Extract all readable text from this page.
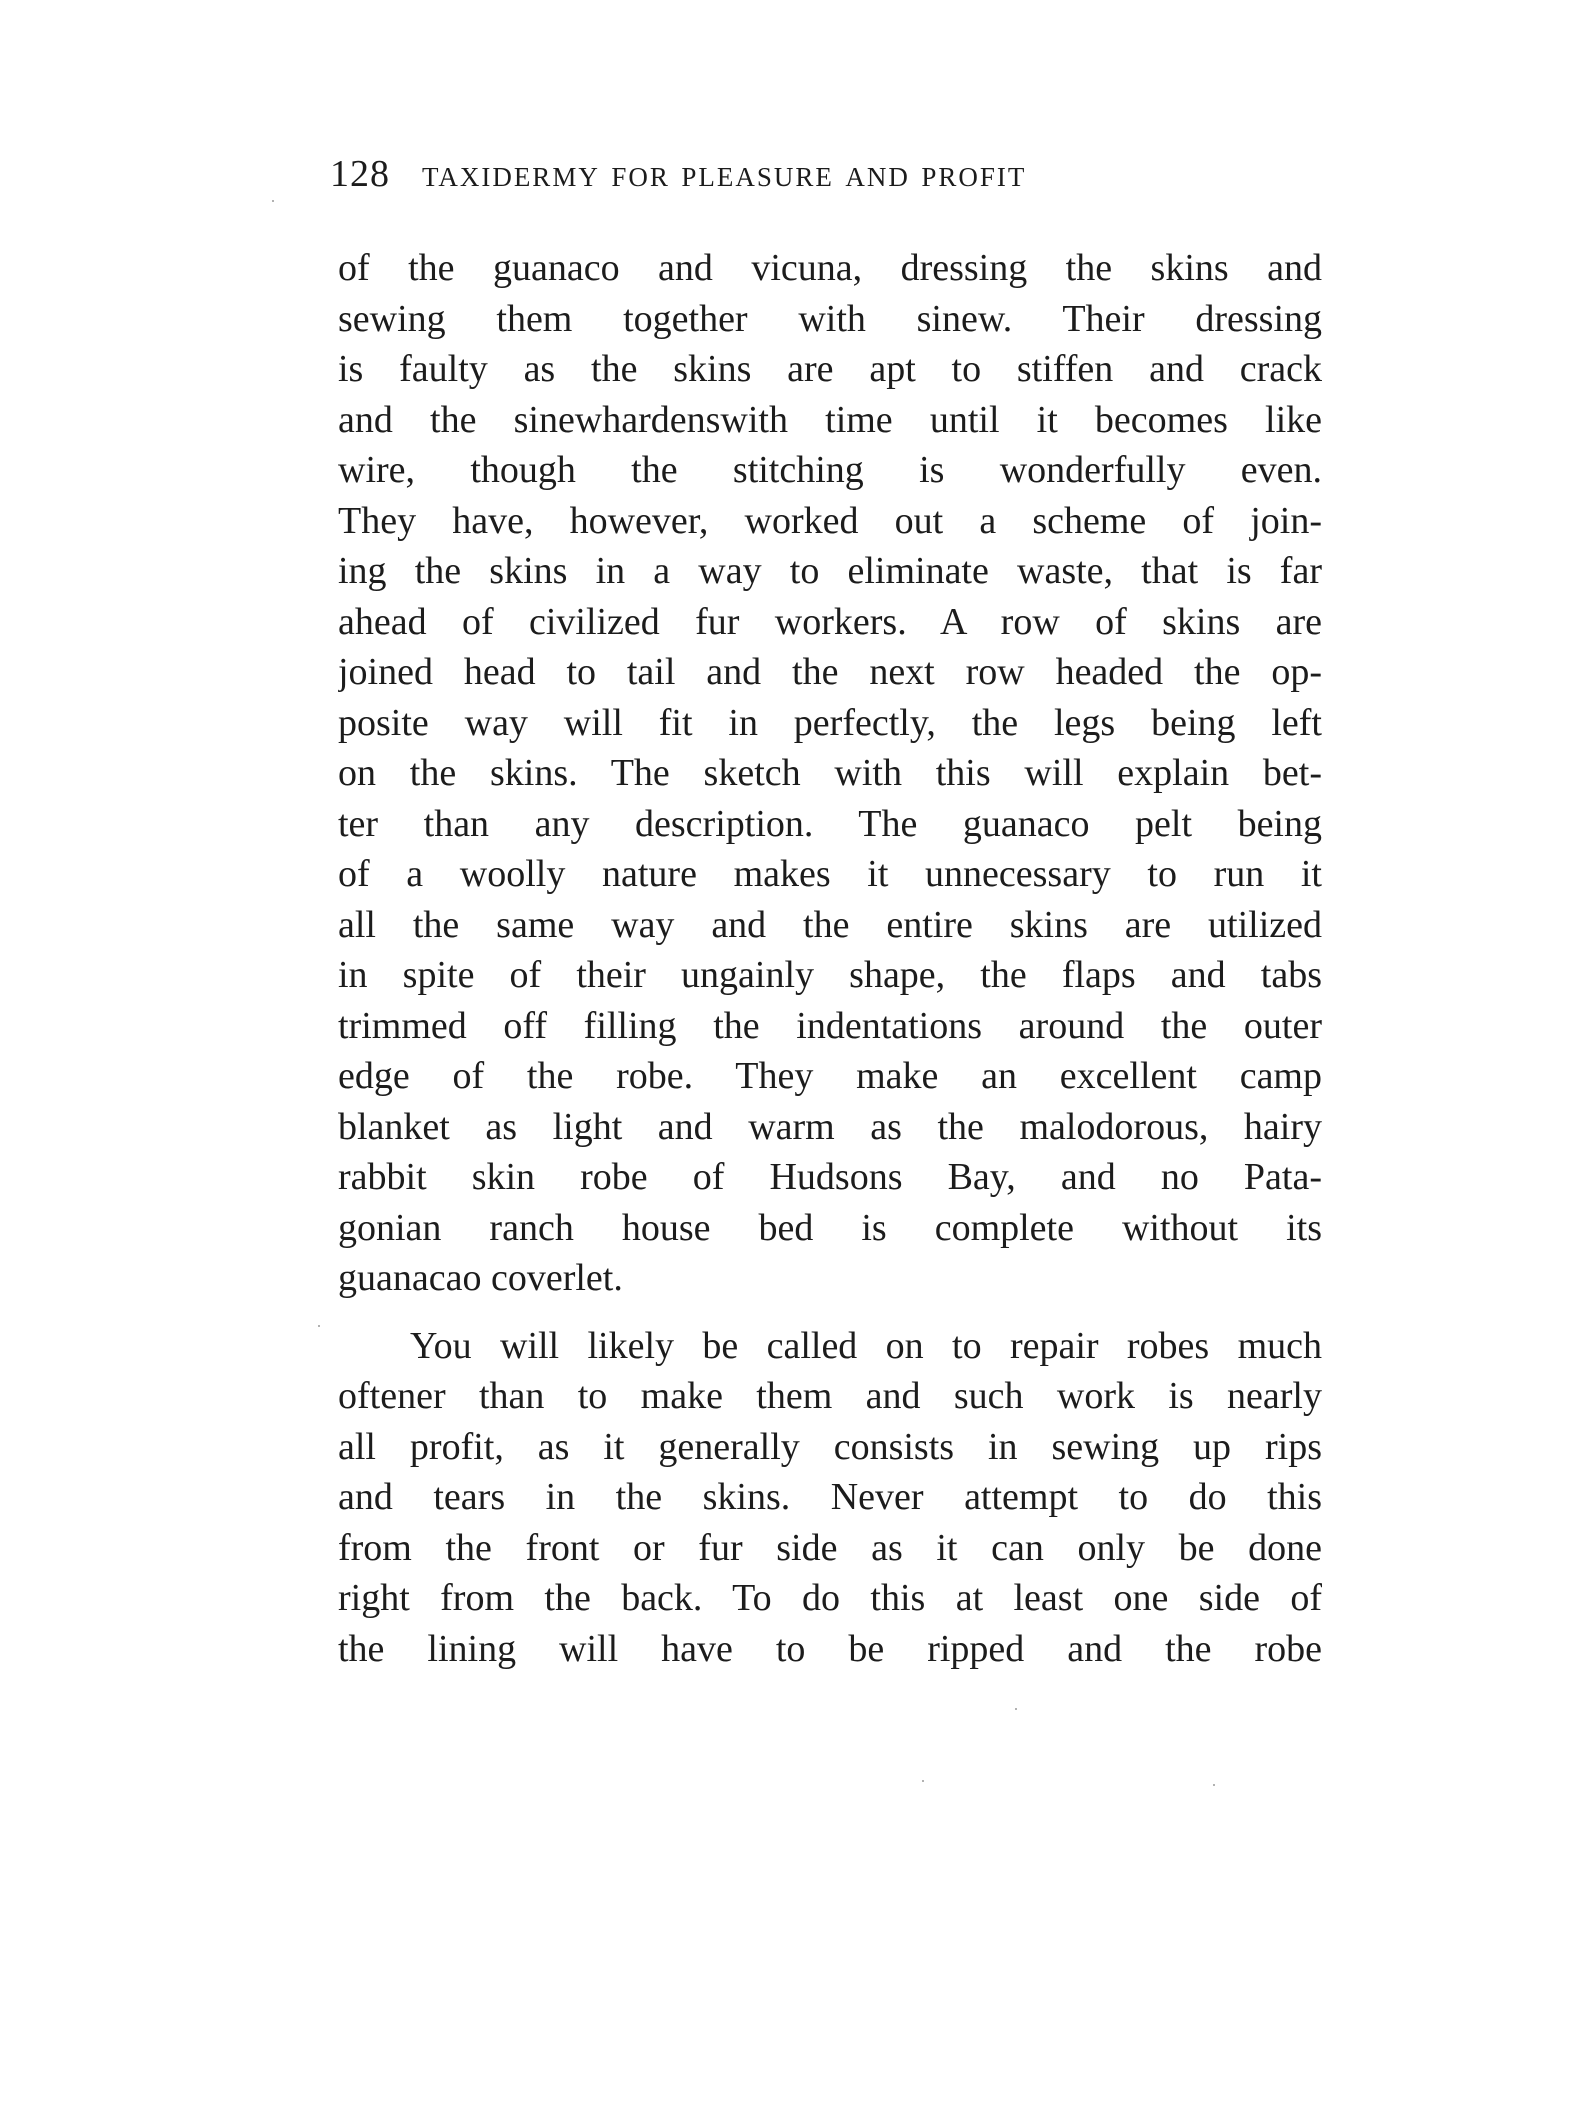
128 taxidermy for pleasure and profit
of the guanaco and vicuna, dressing the skins and
sewing them together with sinew. Their dressing
is faulty as the skins are apt to stiffen and crack
and the sinewhardenswith time until it becomes like
wire, though the stitching is wonderfully even.
They have, however, worked out a scheme of join-
ing the skins in a way to eliminate waste, that is far
ahead of civilized fur workers. A row of skins are
joined head to tail and the next row headed the op-
posite way will fit in perfectly, the legs being left
on the skins. The sketch with this will explain bet-
ter than any description. The guanaco pelt being
of a woolly nature makes it unnecessary to run it
all the same way and the entire skins are utilized
in spite of their ungainly shape, the flaps and tabs
trimmed off filling the indentations around the outer
edge of the robe. They make an excellent camp
blanket as light and warm as the malodorous, hairy
rabbit skin robe of Hudsons Bay, and no Pata-
gonian ranch house bed is complete without its
guanacao coverlet.
You will likely be called on to repair robes much
oftener than to make them and such work is nearly
all profit, as it generally consists in sewing up rips
and tears in the skins. Never attempt to do this
from the front or fur side as it can only be done
right from the back. To do this at least one side of
the lining will have to be ripped and the robe
